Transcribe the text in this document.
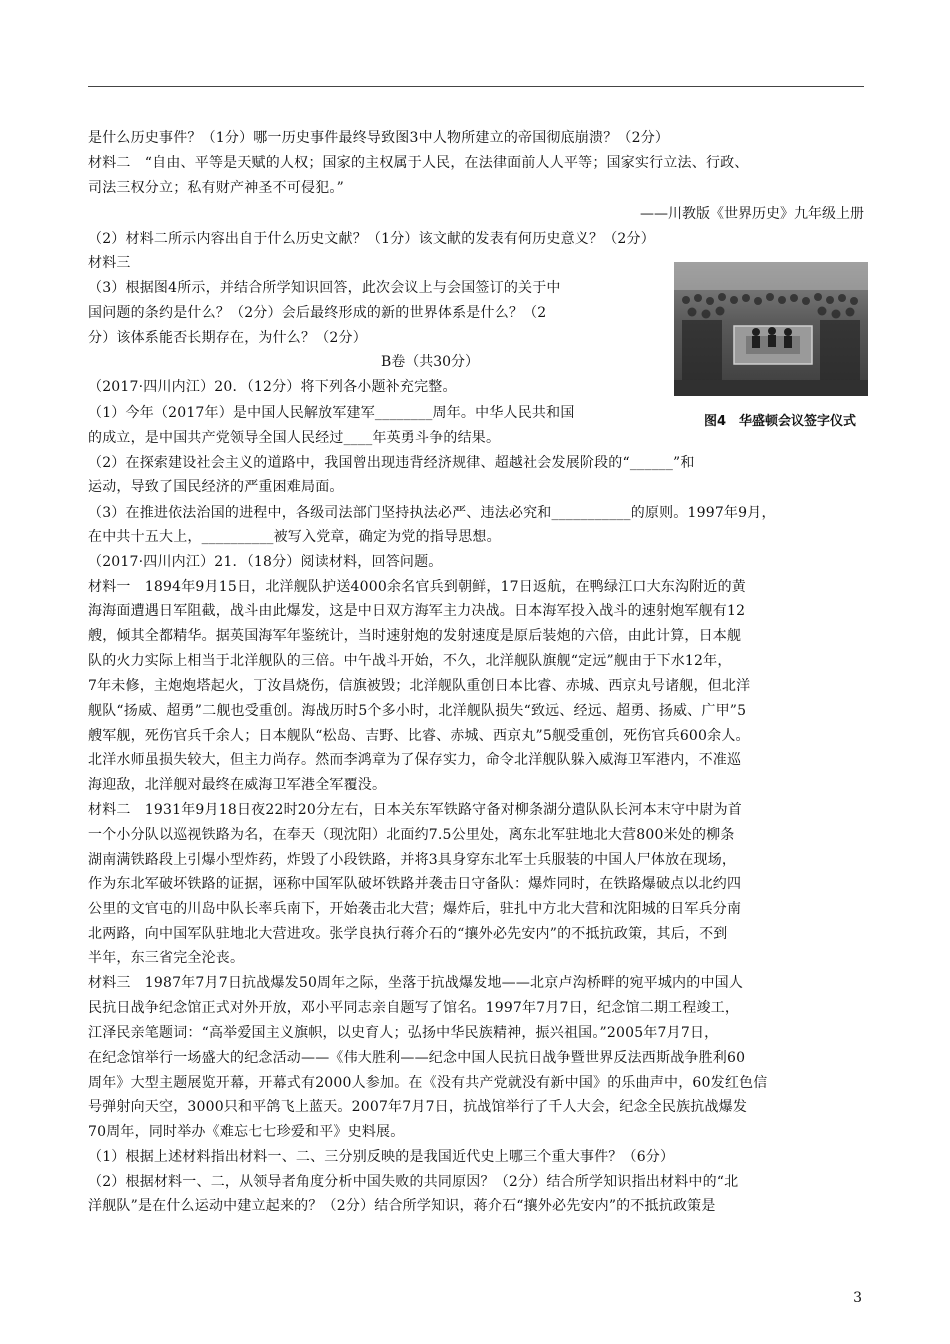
是什么历史事件？（1分）哪一历史事件最终导致图3中人物所建立的帝国彻底崩溃？（2分）
材料二　“自由、平等是天赋的人权；国家的主权属于人民，在法律面前人人平等；国家实行立法、行政、
司法三权分立；私有财产神圣不可侵犯。”
——川教版《世界历史》九年级上册
（2）材料二所示内容出自于什么历史文献？（1分）该文献的发表有何历史意义？（2分）
材料三
（3）根据图4所示，并结合所学知识回答，此次会议上与会国签订的关于中
国问题的条约是什么？（2分）会后最终形成的新的世界体系是什么？（2
分）该体系能否长期存在，为什么？（2分）
B卷（共30分）
（2017·四川内江）20．（12分）将下列各小题补充完整。
（1）今年（2017年）是中国人民解放军建军________周年。中华人民共和国
的成立，是中国共产党领导全国人民经过____年英勇斗争的结果。
（2）在探索建设社会主义的道路中，我国曾出现违背经济规律、超越社会发展阶段的“______”和
运动，导致了国民经济的严重困难局面。
（3）在推进依法治国的进程中，各级司法部门坚持执法必严、违法必究和___________的原则。1997年9月，
在中共十五大上，__________被写入党章，确定为党的指导思想。
（2017·四川内江）21．（18分）阅读材料，回答问题。
材料一　1894年9月15日，北洋舰队护送4000余名官兵到朝鲜，17日返航，在鸭绿江口大东沟附近的黄
海海面遭遇日军阻截，战斗由此爆发，这是中日双方海军主力决战。日本海军投入战斗的速射炮军舰有12
艘，倾其全都精华。据英国海军年鉴统计，当时速射炮的发射速度是原后装炮的六倍，由此计算，日本舰
队的火力实际上相当于北洋舰队的三倍。中午战斗开始，不久，北洋舰队旗舰“定远”舰由于下水12年，
7年未修，主炮炮塔起火，丁汝昌烧伤，信旗被毁；北洋舰队重创日本比睿、赤城、西京丸号诸舰，但北洋
舰队“扬威、超勇”二舰也受重创。海战历时5个多小时，北洋舰队损失“致远、经远、超勇、扬威、广甲”5
艘军舰，死伤官兵千余人；日本舰队“松岛、吉野、比睿、赤城、西京丸”5舰受重创，死伤官兵600余人。
北洋水师虽损失较大，但主力尚存。然而李鸿章为了保存实力，命令北洋舰队躲入威海卫军港内，不准巡
海迎敌，北洋舰对最终在威海卫军港全军覆没。
材料二　1931年9月18日夜22时20分左右，日本关东军铁路守备对柳条湖分遣队队长河本末守中尉为首
一个小分队以巡视铁路为名，在奉天（现沈阳）北面约7.5公里处，离东北军驻地北大营800米处的柳条
湖南满铁路段上引爆小型炸药，炸毁了小段铁路，并将3具身穿东北军士兵服装的中国人尸体放在现场，
作为东北军破坏铁路的证据，诬称中国军队破坏铁路并袭击日守备队：爆炸同时，在铁路爆破点以北约四
公里的文官屯的川岛中队长率兵南下，开始袭击北大营；爆炸后，驻扎中方北大营和沈阳城的日军兵分南
北两路，向中国军队驻地北大营进攻。张学良执行蒋介石的“攘外必先安内”的不抵抗政策，其后，不到
半年，东三省完全沦丧。
材料三　1987年7月7日抗战爆发50周年之际，坐落于抗战爆发地——北京卢沟桥畔的宛平城内的中国人
民抗日战争纪念馆正式对外开放，邓小平同志亲自题写了馆名。1997年7月7日，纪念馆二期工程竣工，
江泽民亲笔题词：“高举爱国主义旗帜，以史育人；弘扬中华民族精神，振兴祖国。”2005年7月7日，
在纪念馆举行一场盛大的纪念活动——《伟大胜利——纪念中国人民抗日战争暨世界反法西斯战争胜利60
周年》大型主题展览开幕，开幕式有2000人参加。在《没有共产党就没有新中国》的乐曲声中，60发红色信
号弹射向天空，3000只和平鸽飞上蓝天。2007年7月7日，抗战馆举行了千人大会，纪念全民族抗战爆发
70周年，同时举办《难忘七七珍爱和平》史料展。
（1）根据上述材料指出材料一、二、三分别反映的是我国近代史上哪三个重大事件？（6分）
（2）根据材料一、二，从领导者角度分析中国失败的共同原因？（2分）结合所学知识指出材料中的“北
洋舰队”是在什么运动中建立起来的？（2分）结合所学知识，蒋介石“攘外必先安内”的不抵抗政策是
图4　华盛顿会议签字仪式
3
